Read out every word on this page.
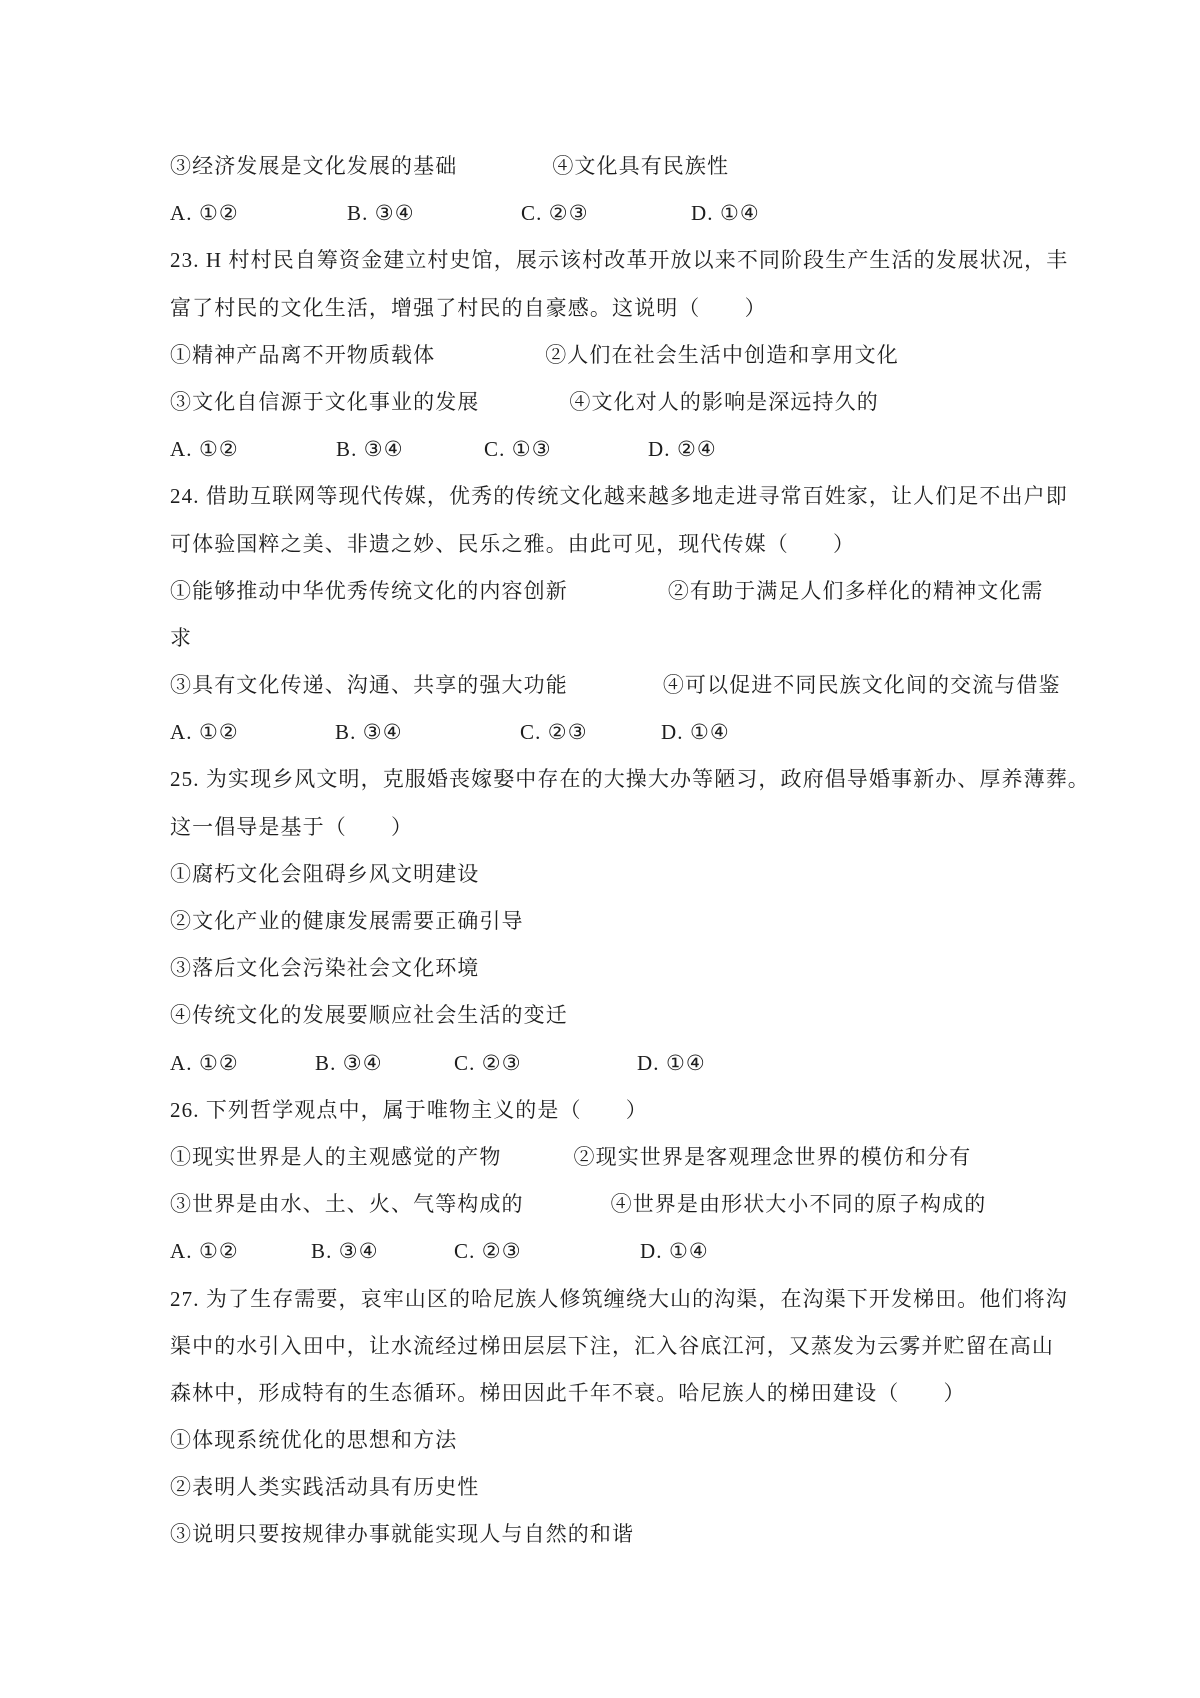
③经济发展是文化发展的基础	④文化具有民族性
A. ①②	B. ③④	C. ②③	D. ①④
23. H 村村民自筹资金建立村史馆，展示该村改革开放以来不同阶段生产生活的发展状况，丰
富了村民的文化生活，增强了村民的自豪感。这说明（　　）
①精神产品离不开物质载体	②人们在社会生活中创造和享用文化
③文化自信源于文化事业的发展	④文化对人的影响是深远持久的
A. ①②	B. ③④	C. ①③	D. ②④
24. 借助互联网等现代传媒，优秀的传统文化越来越多地走进寻常百姓家，让人们足不出户即
可体验国粹之美、非遗之妙、民乐之雅。由此可见，现代传媒（　　）
①能够推动中华优秀传统文化的内容创新	②有助于满足人们多样化的精神文化需
求
③具有文化传递、沟通、共享的强大功能	④可以促进不同民族文化间的交流与借鉴
A. ①②	B. ③④	C. ②③	D. ①④
25. 为实现乡风文明，克服婚丧嫁娶中存在的大操大办等陋习，政府倡导婚事新办、厚养薄葬。
这一倡导是基于（　　）
①腐朽文化会阻碍乡风文明建设
②文化产业的健康发展需要正确引导
③落后文化会污染社会文化环境
④传统文化的发展要顺应社会生活的变迁
A. ①②	B. ③④	C. ②③	D. ①④
26. 下列哲学观点中，属于唯物主义的是（　　）
①现实世界是人的主观感觉的产物	②现实世界是客观理念世界的模仿和分有
③世界是由水、土、火、气等构成的	④世界是由形状大小不同的原子构成的
A. ①②	B. ③④	C. ②③	D. ①④
27. 为了生存需要，哀牢山区的哈尼族人修筑缠绕大山的沟渠，在沟渠下开发梯田。他们将沟
渠中的水引入田中，让水流经过梯田层层下注，汇入谷底江河，又蒸发为云雾并贮留在高山
森林中，形成特有的生态循环。梯田因此千年不衰。哈尼族人的梯田建设（　　）
①体现系统优化的思想和方法
②表明人类实践活动具有历史性
③说明只要按规律办事就能实现人与自然的和谐
